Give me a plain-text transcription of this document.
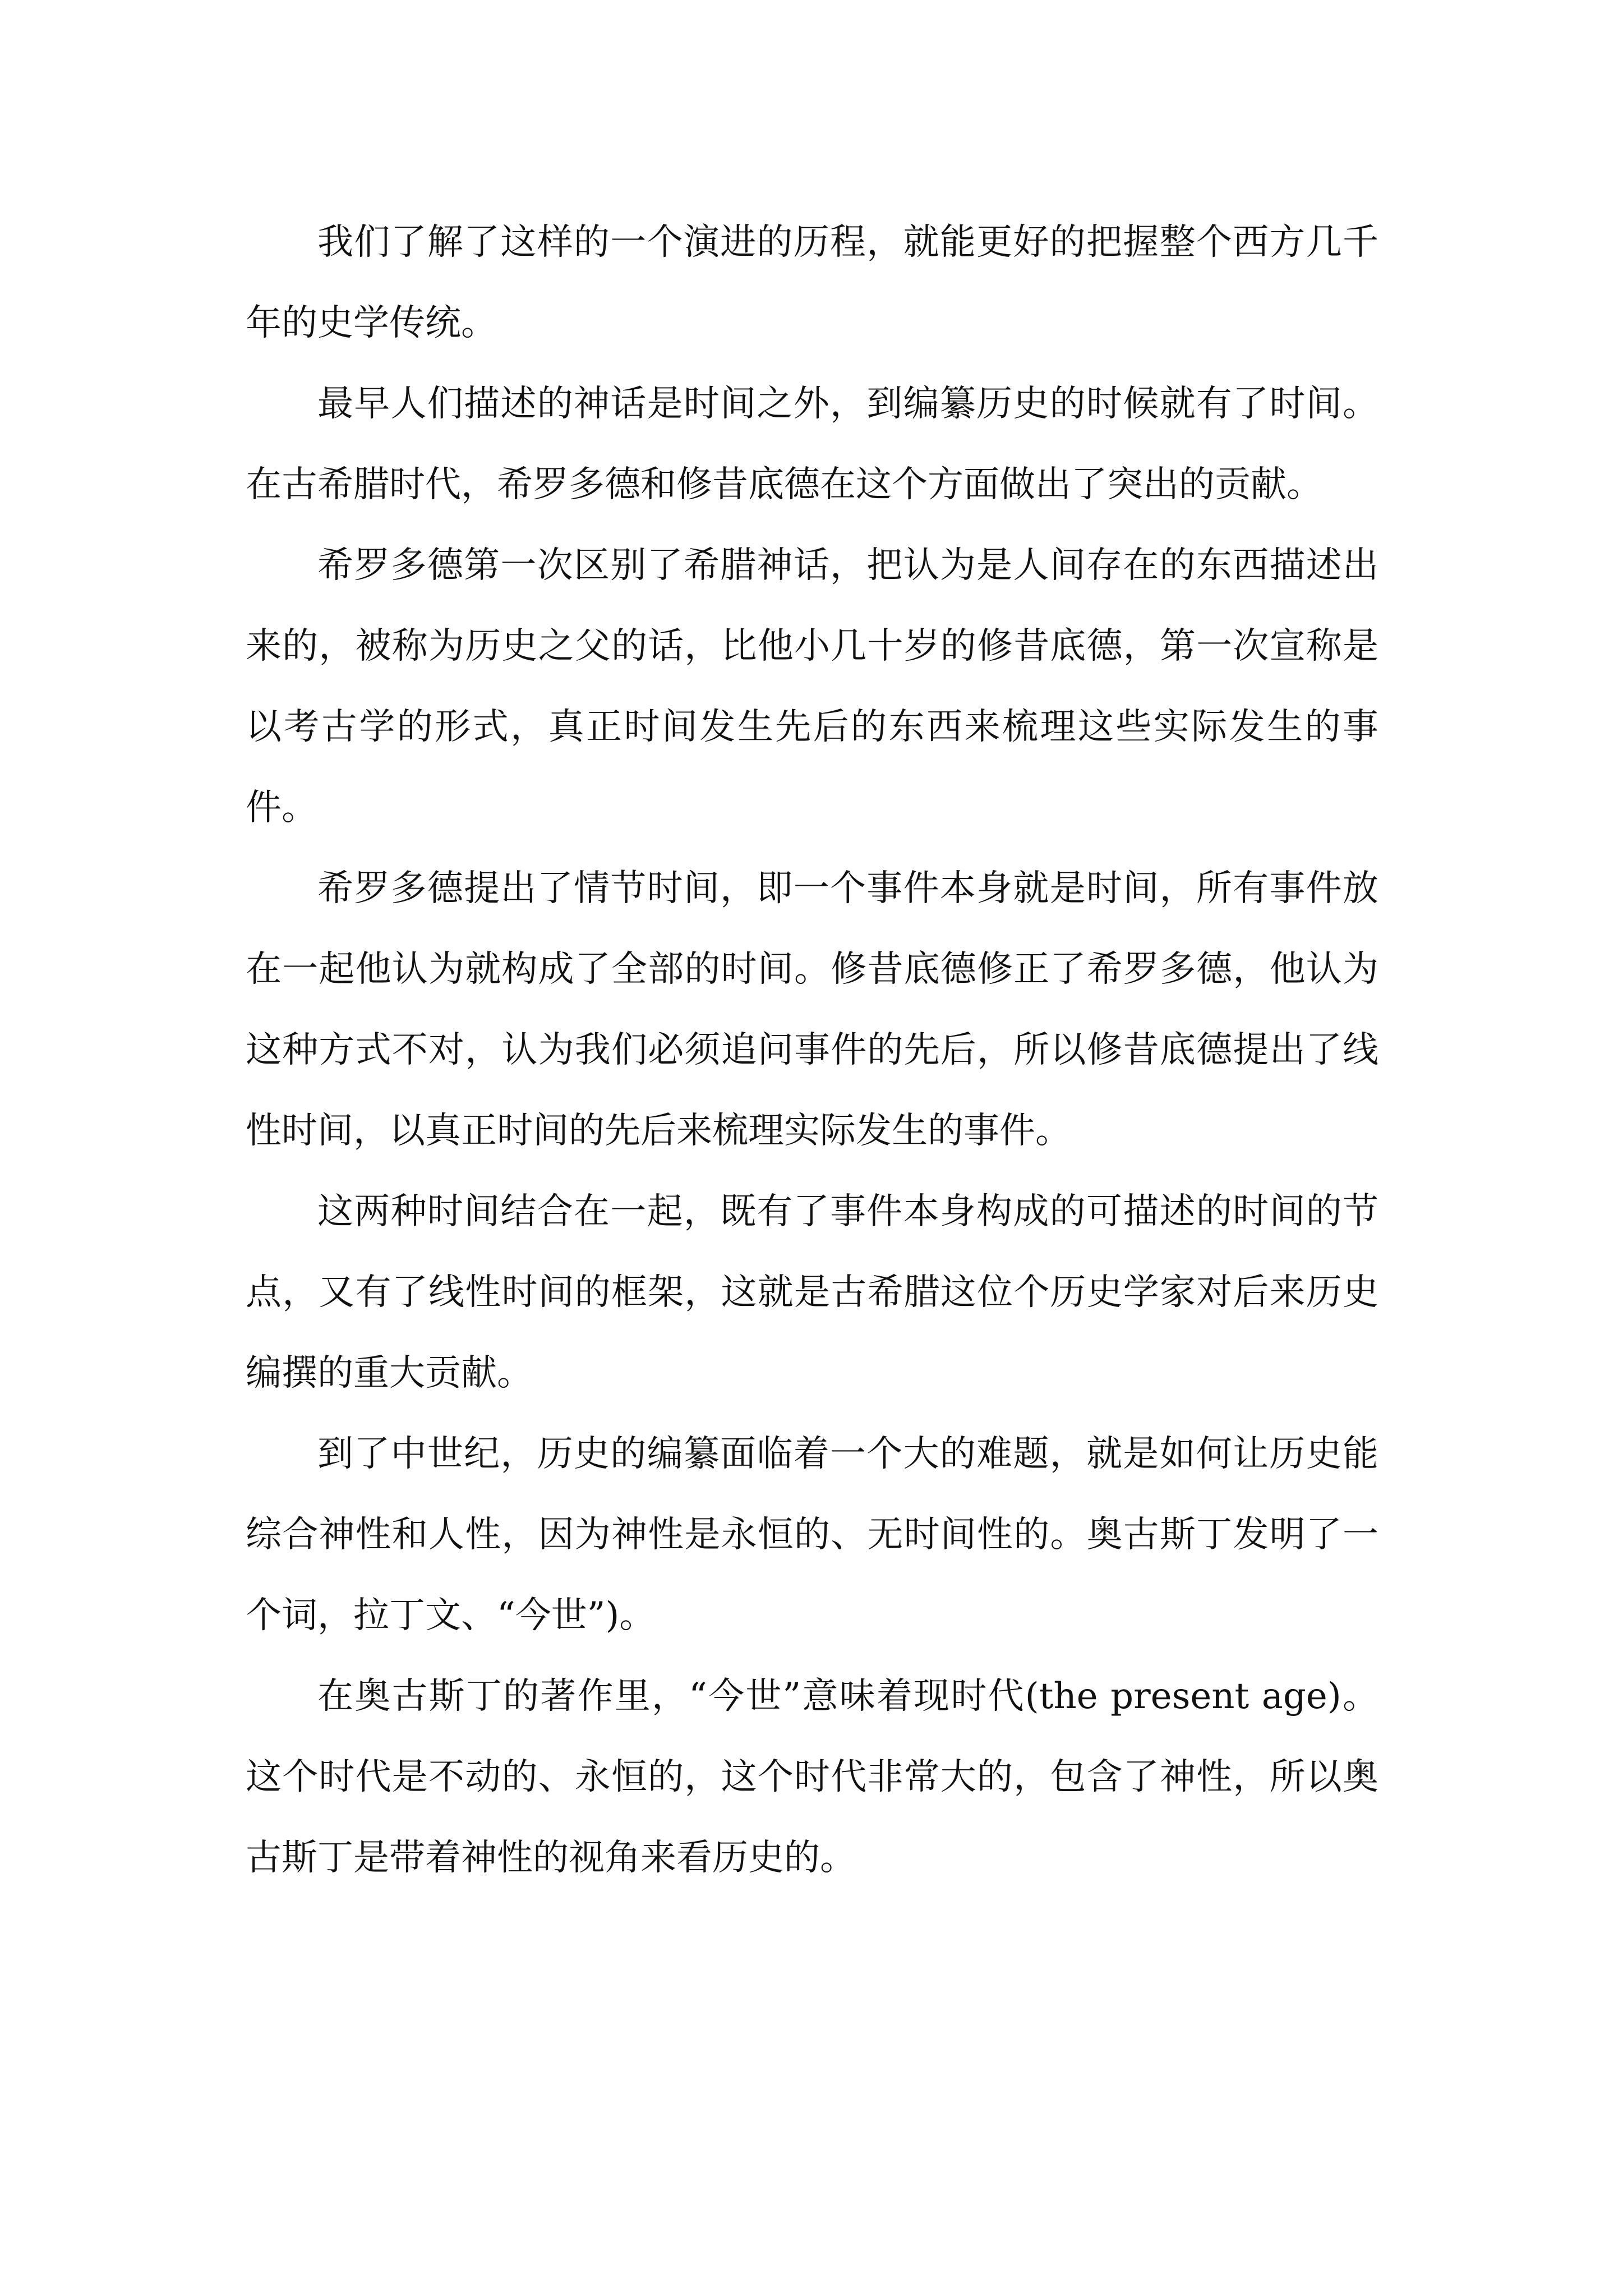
我们了解了这样的一个演进的历程，就能更好的把握整个西方几千年的史学传统。

最早人们描述的神话是时间之外，到编纂历史的时候就有了时间。在古希腊时代，希罗多德和修昔底德在这个方面做出了突出的贡献。

希罗多德第一次区别了希腊神话，把认为是人间存在的东西描述出来的，被称为历史之父的话，比他小几十岁的修昔底德，第一次宣称是以考古学的形式，真正时间发生先后的东西来梳理这些实际发生的事件。

希罗多德提出了情节时间，即一个事件本身就是时间，所有事件放在一起他认为就构成了全部的时间。修昔底德修正了希罗多德，他认为这种方式不对，认为我们必须追问事件的先后，所以修昔底德提出了线性时间，以真正时间的先后来梳理实际发生的事件。

这两种时间结合在一起，既有了事件本身构成的可描述的时间的节点，又有了线性时间的框架，这就是古希腊这位个历史学家对后来历史编撰的重大贡献。

到了中世纪，历史的编纂面临着一个大的难题，就是如何让历史能综合神性和人性，因为神性是永恒的、无时间性的。奥古斯丁发明了一个词，拉丁文、“今世”)。

在奥古斯丁的著作里，“今世”意味着现时代(the present age)。这个时代是不动的、永恒的，这个时代非常大的，包含了神性，所以奥古斯丁是带着神性的视角来看历史的。
